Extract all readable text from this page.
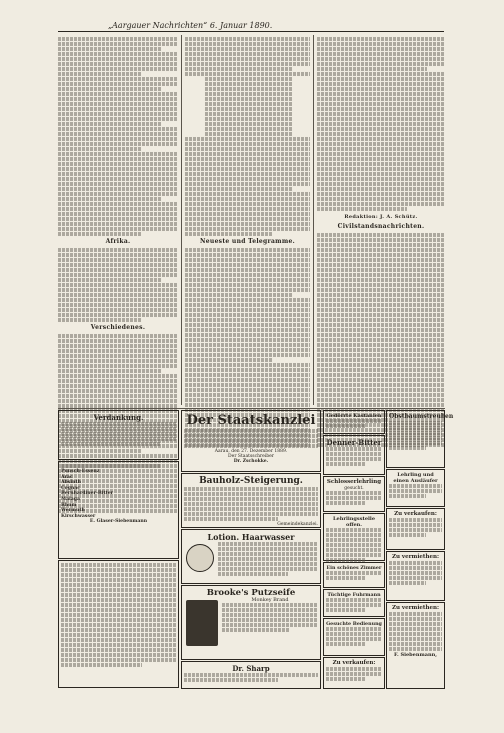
„Aargauer Nachrichten“ 6. Januar 1890.
Afrika.
Verschiedenes.
Neueste und Telegramme.
Redaktion: J. A. Schütz.
Civilstandsnachrichten.
Verdankung.
Punsch-Essenz
Arac
Absinth
Cognac
Bernhardiner-Bitter
Malaga
Rhum
Wermuth
Kirschwasser
E. Glaser-Siebenmann
Der Staatskanzlei
Aarau, den 27. Dezember 1889.
Der Staatsschreiber
Dr. Zschokke.
Bauholz-Steigerung.
Gemeindekanzlei.
Lotion. Haarwasser
Brooke's Putzseife
Monkey Brand
Dr. Sharp
Gedörrte Kastanien
Denner-Bitter
Schlosserlehrling
gesucht.
Lehrlingsstelle offen.
Ein schönes Zimmer
Tüchtige Fuhrmann
Gesuchte Bedienung
Zu verkaufen:
Obstbaumstreuben
Lehrling und einen Ausläufer
Zu verkaufen:
Zu vermiethen:
Zu vermiethen:
F. Siebenmann,
